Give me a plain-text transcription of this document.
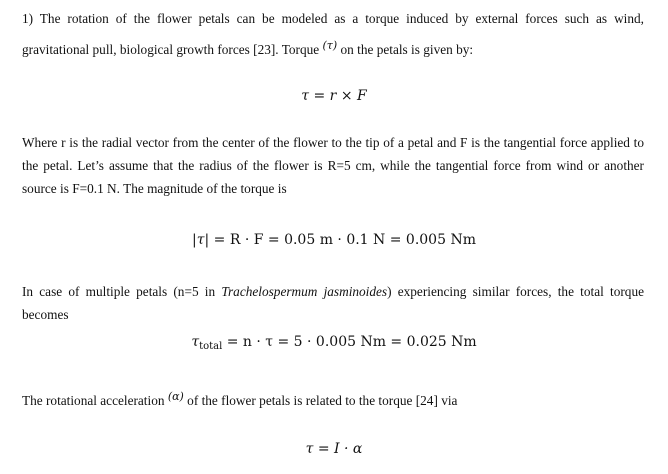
1) The rotation of the flower petals can be modeled as a torque induced by external forces such as wind,
gravitational pull, biological growth forces [23]. Torque $^{(\tau)}$ on the petals is given by:
τ = r × F
Where r is the radial vector from the center of the flower to the tip of a petal and F is the tangential force applied to
the petal. Let’s assume that the radius of the flower is R=5 cm, while the tangential force from wind or another
source is F=0.1 N. The magnitude of the torque is
|τ| = R · F = 0.05 m · 0.1 N = 0.005 Nm
In case of multiple petals (n=5 in Trachelospermum jasminoides) experiencing similar forces, the total torque
becomes
$\tau_{total} = n \cdot \tau = 5 \cdot 0.005$ Nm = 0.025 Nm
The rotational acceleration $^{(\alpha)}$ of the flower petals is related to the torque [24] via
τ = I · α
